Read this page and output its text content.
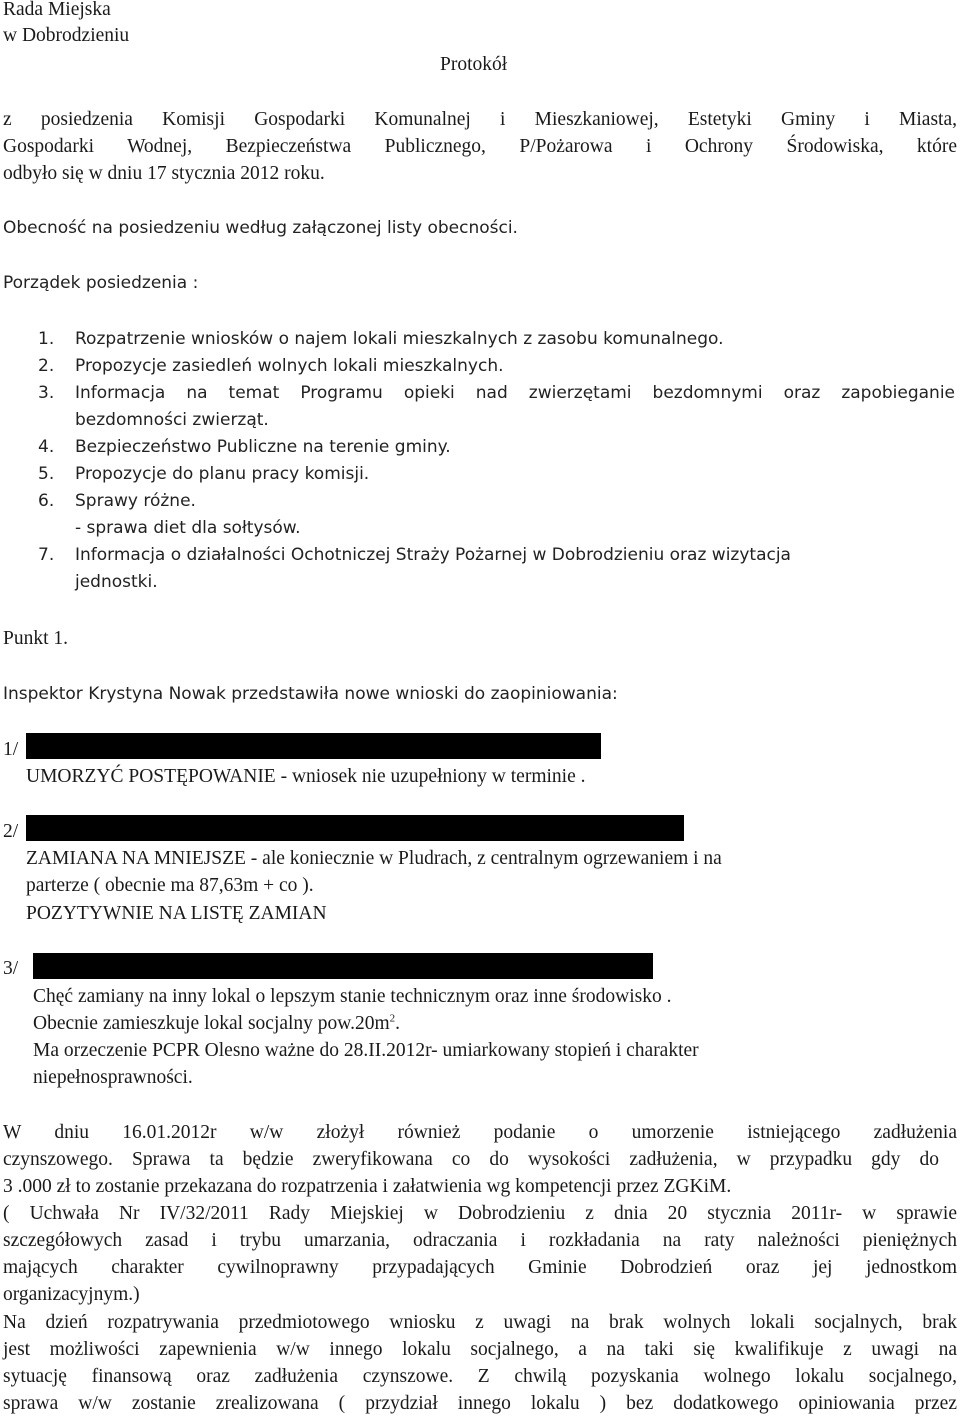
Rada Miejska
w Dobrodzieniu
Protokół
z posiedzenia Komisji Gospodarki Komunalnej i Mieszkaniowej, Estetyki Gminy i Miasta,
Gospodarki Wodnej, Bezpieczeństwa Publicznego, P/Pożarowa i Ochrony Środowiska, które
odbyło się w dniu 17 stycznia 2012 roku.
Obecność na posiedzeniu według załączonej listy obecności.
Porządek posiedzenia :
1. Rozpatrzenie wniosków o najem lokali mieszkalnych z zasobu komunalnego.
2. Propozycje zasiedleń wolnych lokali mieszkalnych.
3. Informacja na temat Programu opieki nad zwierzętami bezdomnymi oraz zapobieganie
bezdomności zwierząt.
4. Bezpieczeństwo Publiczne na terenie gminy.
5. Propozycje do planu pracy komisji.
6. Sprawy różne.
- sprawa diet dla sołtysów.
7. Informacja o działalności Ochotniczej Straży Pożarnej w Dobrodzieniu oraz wizytacja
jednostki.
Punkt 1.
Inspektor Krystyna Nowak przedstawiła nowe wnioski do zaopiniowania:
1/
UMORZYĆ POSTĘPOWANIE - wniosek nie uzupełniony w terminie .
2/
ZAMIANA NA MNIEJSZE - ale koniecznie w Pludrach, z centralnym ogrzewaniem i na
parterze ( obecnie ma 87,63m + co ).
POZYTYWNIE NA LISTĘ ZAMIAN
3/
Chęć zamiany na inny lokal o lepszym stanie technicznym oraz inne środowisko .
Obecnie zamieszkuje lokal socjalny $pow.20m^2$.
Ma orzeczenie PCPR Olesno ważne do 28.II.2012r- umiarkowany stopień i charakter
niepełnosprawności.
W dniu 16.01.2012r w/w złożył również podanie o umorzenie istniejącego zadłużenia
czynszowego. Sprawa ta będzie zweryfikowana co do wysokości zadłużenia, w przypadku gdy do
3 .000 zł to zostanie przekazana do rozpatrzenia i załatwienia wg kompetencji przez ZGKiM.
( Uchwała Nr IV/32/2011 Rady Miejskiej w Dobrodzieniu z dnia 20 stycznia 2011r- w sprawie
szczegółowych zasad i trybu umarzania, odraczania i rozkładania na raty należności pieniężnych
mających charakter cywilnoprawny przypadających Gminie Dobrodzień oraz jej jednostkom
organizacyjnym.)
Na dzień rozpatrywania przedmiotowego wniosku z uwagi na brak wolnych lokali socjalnych, brak
jest możliwości zapewnienia w/w innego lokalu socjalnego, a na taki się kwalifikuje z uwagi na
sytuację finansową oraz zadłużenia czynszowe. Z chwilą pozyskania wolnego lokalu socjalnego,
sprawa w/w zostanie zrealizowana ( przydział innego lokalu ) bez dodatkowego opiniowania przez
